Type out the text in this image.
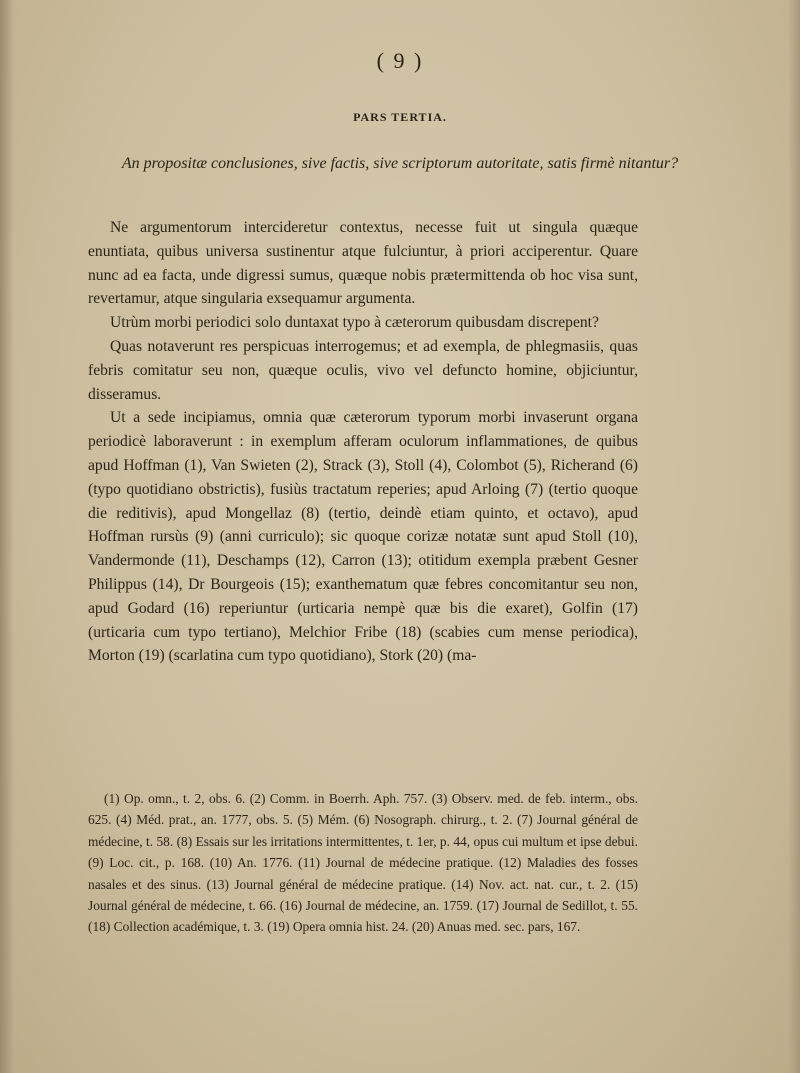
( 9 )
PARS TERTIA.
An propositæ conclusiones, sive factis, sive scriptorum autoritate, satis firmè nitantur?

Ne argumentorum intercideretur contextus, necesse fuit ut singula quæque enuntiata, quibus universa sustinentur atque fulciuntur, à priori acciperentur. Quare nunc ad ea facta, unde digressi sumus, quæque nobis prætermittenda ob hoc visa sunt, revertamur, atque singularia exsequamur argumenta.

Utrùm morbi periodici solo duntaxat typo à cæterorum quibusdam discrepent?

Quas notaverunt res perspicuas interrogemus; et ad exempla, de phlegmasiis, quas febris comitatur seu non, quæque oculis, vivo vel defuncto homine, objiciuntur, disseramus.

Ut a sede incipiamus, omnia quæ cæterorum typorum morbi invaserunt organa periodicè laboraverunt : in exemplum afferam oculorum inflammationes, de quibus apud Hoffman (1), Van Swieten (2), Strack (3), Stoll (4), Colombot (5), Richerand (6) (typo quotidiano obstrictis), fusiùs tractatum reperies; apud Arloing (7) (tertio quoque die reditivis), apud Mongellaz (8) (tertio, deindè etiam quinto, et octavo), apud Hoffman rursùs (9) (anni curriculo); sic quoque corizæ notatæ sunt apud Stoll (10), Vandermonde (11), Deschamps (12), Carron (13); otitidum exempla præbent Gesner Philippus (14), Dr Bourgeois (15); exanthematum quæ febres concomitantur seu non, apud Godard (16) reperiuntur (urticaria nempè quæ bis die exaret), Golfin (17) (urticaria cum typo tertiano), Melchior Fribe (18) (scabies cum mense periodica), Morton (19) (scarlatina cum typo quotidiano), Stork (20) (ma-

(1) Op. omn., t. 2, obs. 6. (2) Comm. in Boerrh. Aph. 757. (3) Observ. med. de feb. interm., obs. 625. (4) Méd. prat., an. 1777, obs. 5. (5) Mém. (6) Nosograph. chirurg., t. 2. (7) Journal général de médecine, t. 58. (8) Essais sur les irritations intermittentes, t. 1er, p. 44, opus cui multum et ipse debui. (9) Loc. cit., p. 168. (10) An. 1776. (11) Journal de médecine pratique. (12) Maladies des fosses nasales et des sinus. (13) Journal général de médecine pratique. (14) Nov. act. nat. cur., t. 2. (15) Journal général de médecine, t. 66. (16) Journal de médecine, an. 1759. (17) Journal de Sedillot, t. 55. (18) Collection académique, t. 3. (19) Opera omnia hist. 24. (20) Anuas med. sec. pars, 167.
